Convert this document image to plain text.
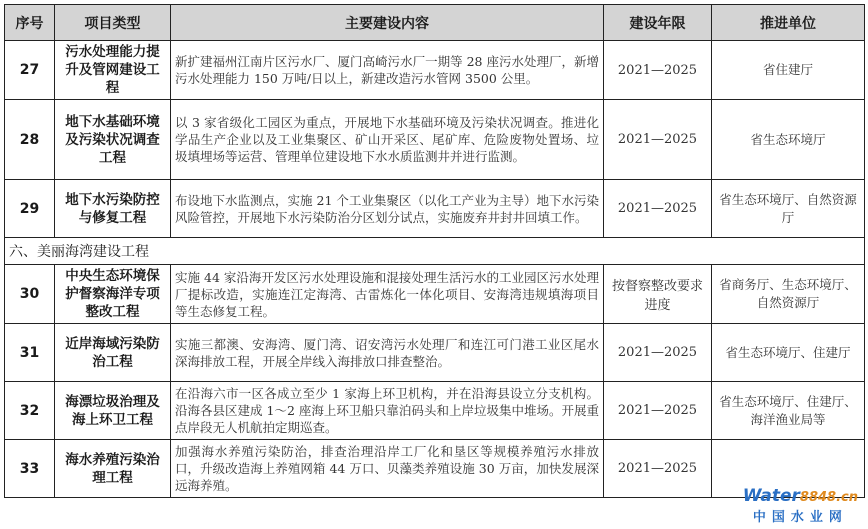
序号	项目类型	主要建设内容	建设年限	推进单位
27	污水处理能力提升及管网建设工程	新扩建福州江南片区污水厂、厦门高崎污水厂一期等 28 座污水处理厂，新增污水处理能力 150 万吨/日以上，新建改造污水管网 3500 公里。	2021—2025	省住建厅
28	地下水基础环境及污染状况调查工程	以 3 家省级化工园区为重点，开展地下水基础环境及污染状况调查。推进化学品生产企业以及工业集聚区、矿山开采区、尾矿库、危险废物处置场、垃圾填埋场等运营、管理单位建设地下水水质监测井并进行监测。	2021—2025	省生态环境厅
29	地下水污染防控与修复工程	布设地下水监测点，实施 21 个工业集聚区（以化工产业为主导）地下水污染风险管控，开展地下水污染防治分区划分试点，实施废弃井封井回填工作。	2021—2025	省生态环境厅、自然资源厅
六、美丽海湾建设工程				
30	中央生态环境保护督察海洋专项整改工程	实施 44 家沿海开发区污水处理设施和混接处理生活污水的工业园区污水处理厂提标改造，实施连江定海湾、古雷炼化一体化项目、安海湾违规填海项目等生态修复工程。	按督察整改要求进度	省商务厅、生态环境厅、自然资源厅
31	近岸海域污染防治工程	实施三都澳、安海湾、厦门湾、诏安湾污水处理厂和连江可门港工业区尾水深海排放工程，开展全岸线入海排放口排查整治。	2021—2025	省生态环境厅、住建厅
32	海漂垃圾治理及海上环卫工程	在沿海六市一区各成立至少 1 家海上环卫机构，并在沿海县设立分支机构。沿海各县区建成 1～2 座海上环卫船只靠泊码头和上岸垃圾集中堆场。开展重点岸段无人机航拍定期巡查。	2021—2025	省生态环境厅、住建厅、海洋渔业局等
33	海水养殖污染治理工程	加强海水养殖污染防治，排查治理沿岸工厂化和垦区等规模养殖污水排放口，升级改造海上养殖网箱 44 万口、贝藻类养殖设施 30 万亩，加快发展深远海养殖。	2021—2025	
Water8848.cn
中国水业网
